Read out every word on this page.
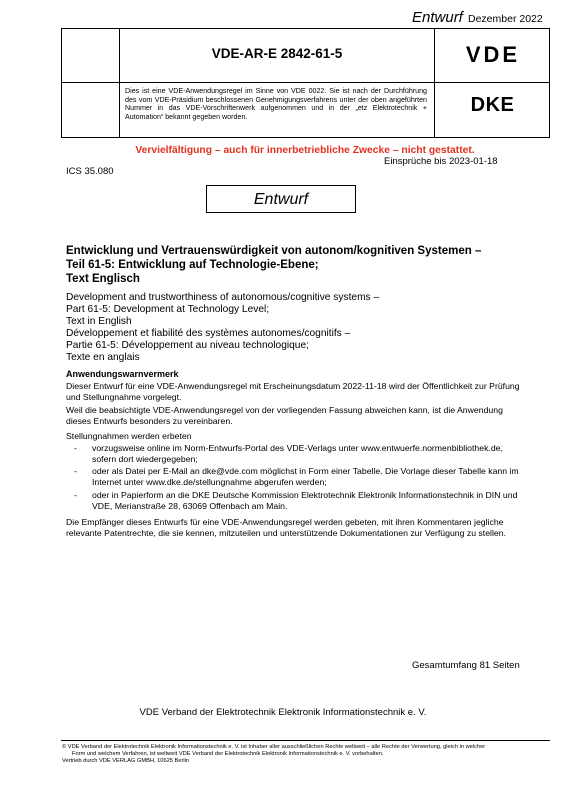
Entwurf Dezember 2022
VDE-AR-E 2842-61-5	VDE
Dies ist eine VDE-Anwendungsregel im Sinne von VDE 0022. Sie ist nach der Durchführung des vom VDE-Präsidium beschlossenen Genehmigungsverfahrens unter der oben angeführten Nummer in das VDE-Vorschriftenwerk aufgenommen und in der „etz Elektrotechnik + Automation“ bekannt gegeben worden.
DKE
Vervielfältigung – auch für innerbetriebliche Zwecke – nicht gestattet.
Einsprüche bis 2023-01-18
ICS 35.080
Entwurf
Entwicklung und Vertrauenswürdigkeit von autonom/kognitiven Systemen –
Teil 61-5: Entwicklung auf Technologie-Ebene;
Text Englisch
Development and trustworthiness of autonomous/cognitive systems –
Part 61-5: Development at Technology Level;
Text in English
Développement et fiabilité des systèmes autonomes/cognitifs –
Partie 61-5: Développement au niveau technologique;
Texte en anglais
Anwendungswarnvermerk
Dieser Entwurf für eine VDE-Anwendungsregel mit Erscheinungsdatum 2022-11-18 wird der Öffentlichkeit zur Prüfung und Stellungnahme vorgelegt.
Weil die beabsichtigte VDE-Anwendungsregel von der vorliegenden Fassung abweichen kann, ist die Anwendung dieses Entwurfs besonders zu vereinbaren.
Stellungnahmen werden erbeten
- vorzugsweise online im Norm-Entwurfs-Portal des VDE-Verlags unter www.entwuerfe.normenbibliothek.de, sofern dort wiedergegeben;
- oder als Datei per E-Mail an dke@vde.com möglichst in Form einer Tabelle. Die Vorlage dieser Tabelle kann im Internet unter www.dke.de/stellungnahme abgerufen werden;
- oder in Papierform an die DKE Deutsche Kommission Elektrotechnik Elektronik Informationstechnik in DIN und VDE, Merianstraße 28, 63069 Offenbach am Main.
Die Empfänger dieses Entwurfs für eine VDE-Anwendungsregel werden gebeten, mit ihren Kommentaren jegliche relevante Patentrechte, die sie kennen, mitzuteilen und unterstützende Dokumentationen zur Verfügung zu stellen.
Gesamtumfang 81 Seiten
VDE Verband der Elektrotechnik Elektronik Informationstechnik e. V.
© VDE Verband der Elektrotechnik Elektronik Informationstechnik e. V. ist Inhaber aller ausschließlichen Rechte weltweit – alle Rechte der Verwertung, gleich in welcher
Form und welchem Verfahren, ist weltweit VDE Verband der Elektrotechnik Elektronik Informationstechnik e. V. vorbehalten.
Vertrieb durch VDE VERLAG GMBH, 10625 Berlin
